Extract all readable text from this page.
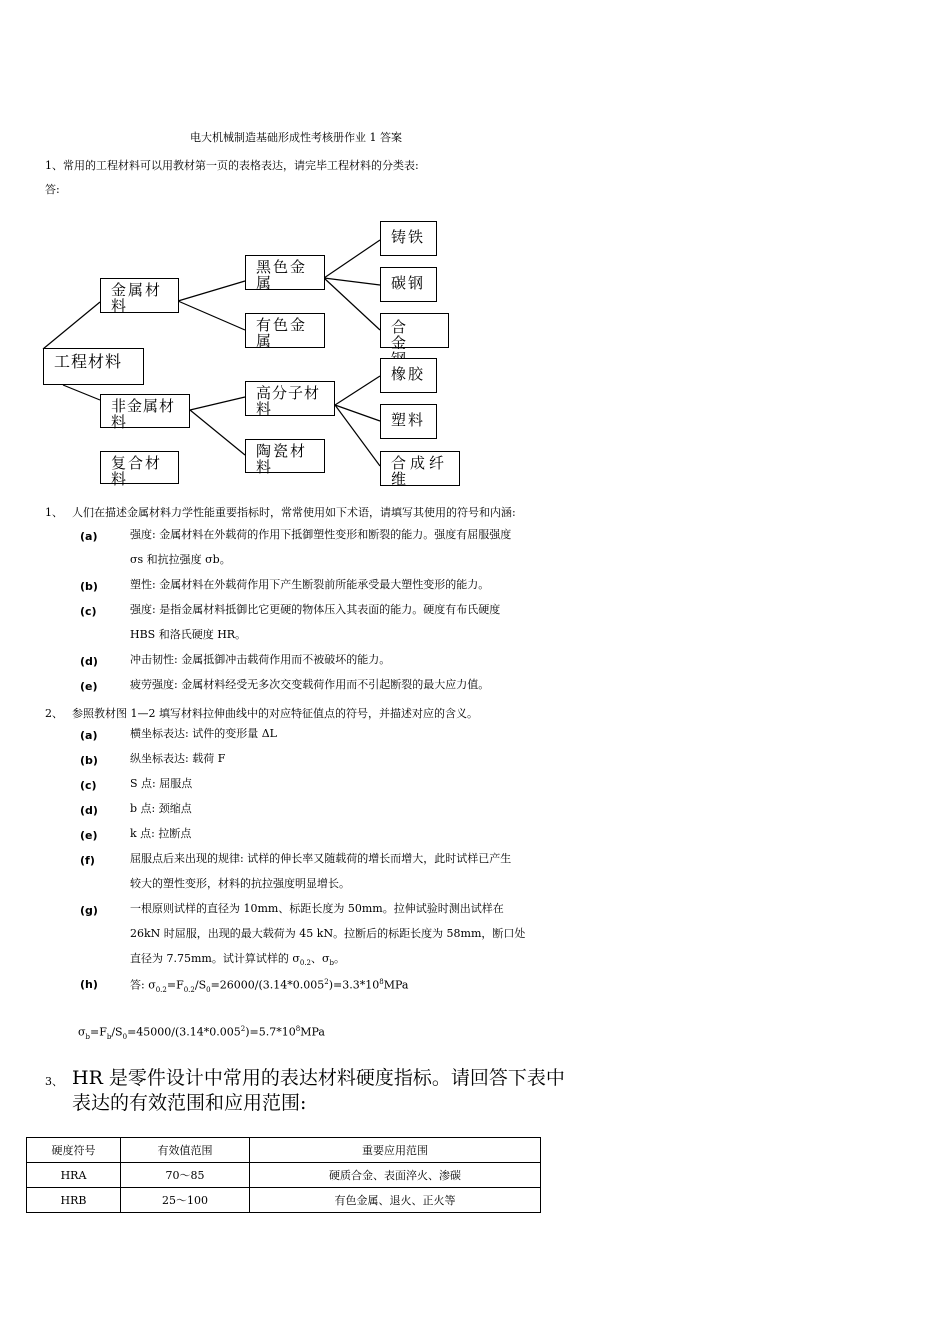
电大机械制造基础形成性考核册作业 1 答案
1、常用的工程材料可以用教材第一页的表格表达，请完毕工程材料的分类表:
答:
工程材料
金属材料
非金属材料
复合材料
黑色金属
有色金属
高分子材料
陶瓷材料
铸铁
碳钢
合金
橡胶
塑料
合成纤维
1、 人们在描述金属材料力学性能重要指标时，常常使用如下术语，请填写其使用的符号和内涵:
(a)	强度: 金属材料在外载荷的作用下抵御塑性变形和断裂的能力。强度有屈服强度
σs 和抗拉强度 σb。
(b)	塑性: 金属材料在外载荷作用下产生断裂前所能承受最大塑性变形的能力。
(c)	强度: 是指金属材料抵御比它更硬的物体压入其表面的能力。硬度有布氏硬度
HBS 和洛氏硬度 HR。
(d)	冲击韧性: 金属抵御冲击载荷作用而不被破坏的能力。
(e)	疲劳强度: 金属材料经受无多次交变载荷作用而不引起断裂的最大应力值。
2、 参照教材图 1—2 填写材料拉伸曲线中的对应特征值点的符号，并描述对应的含义。
(a)	横坐标表达: 试件的变形量 ΔL
(b)	纵坐标表达: 载荷 F
(c)	S 点: 屈服点
(d)	b 点: 颈缩点
(e)	k 点: 拉断点
(f)	屈服点后来出现的规律: 试样的伸长率又随载荷的增长而增大，此时试样已产生
较大的塑性变形，材料的抗拉强度明显增长。
(g)	一根原则试样的直径为 10mm、标距长度为 50mm。拉伸试验时测出试样在
26kN 时屈服，出现的最大载荷为 45 kN。拉断后的标距长度为 58mm，断口处
直径为 7.75mm。试计算试样的 $\sigma_{0.2}$、$\sigma_b$。
(h)	答: $\sigma_{0.2}=F_{0.2}/S_0=26000/(3.14*0.005^2)=3.3*10^8MPa$
$\sigma_b=F_b/S_0=45000/(3.14*0.005^2)=5.7*10^8MPa$
3、 HR 是零件设计中常用的表达材料硬度指标。请回答下表中表达的有效范围和应用范围:
硬度符号	有效值范围	重要应用范围
HRA	70～85	硬质合金、表面淬火、渗碳
HRB	25～100	有色金属、退火、正火等
